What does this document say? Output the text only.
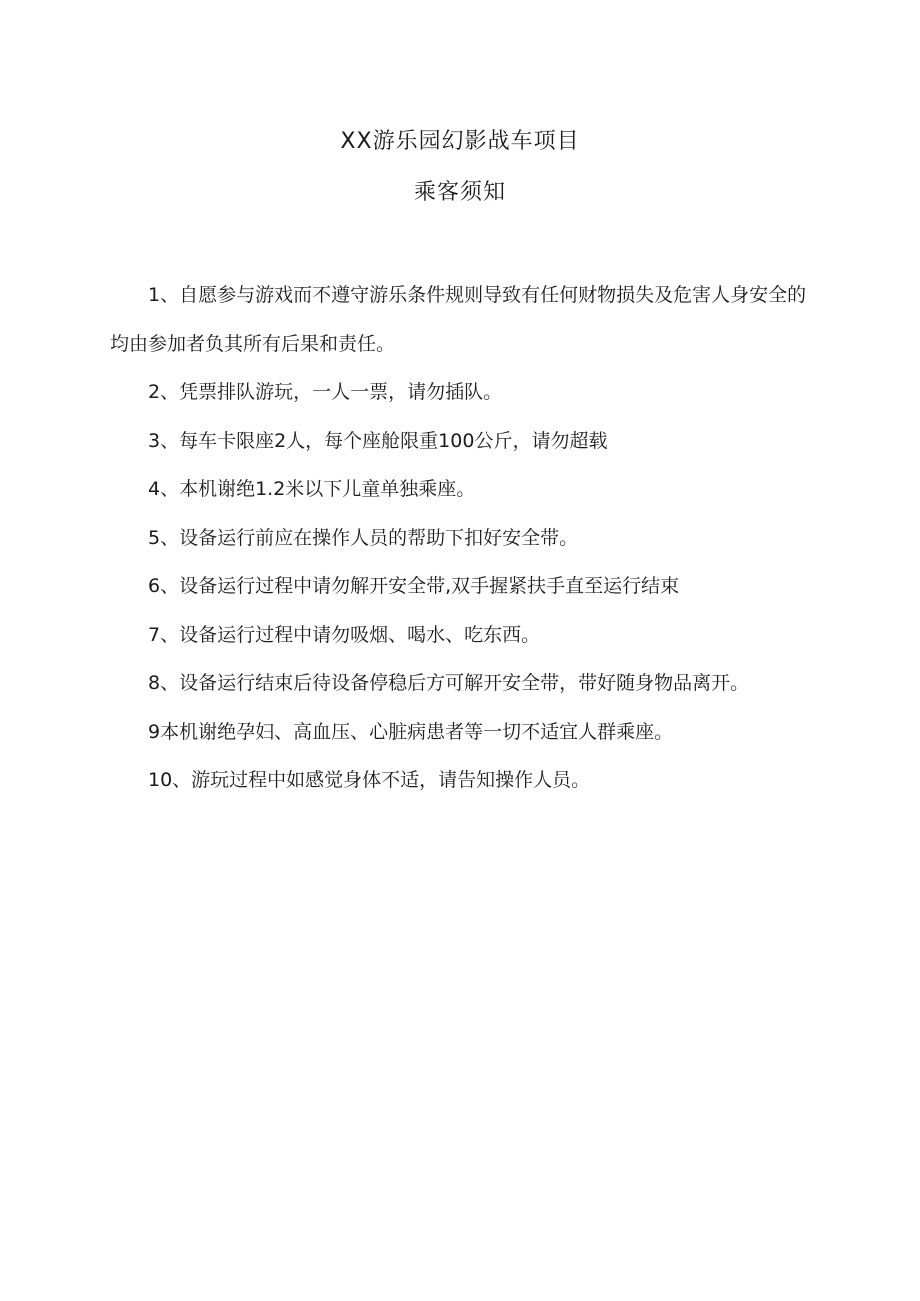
XX游乐园幻影战车项目
乘客须知

1、自愿参与游戏而不遵守游乐条件规则导致有任何财物损失及危害人身安全的均由参加者负其所有后果和责任。

2、凭票排队游玩，一人一票，请勿插队。

3、每车卡限座2人，每个座舱限重100公斤，请勿超载

4、本机谢绝1.2米以下儿童单独乘座。

5、设备运行前应在操作人员的帮助下扣好安全带。

6、设备运行过程中请勿解开安全带,双手握紧扶手直至运行结束

7、设备运行过程中请勿吸烟、喝水、吃东西。

8、设备运行结束后待设备停稳后方可解开安全带，带好随身物品离开。

9本机谢绝孕妇、高血压、心脏病患者等一切不适宜人群乘座。

10、游玩过程中如感觉身体不适，请告知操作人员。
